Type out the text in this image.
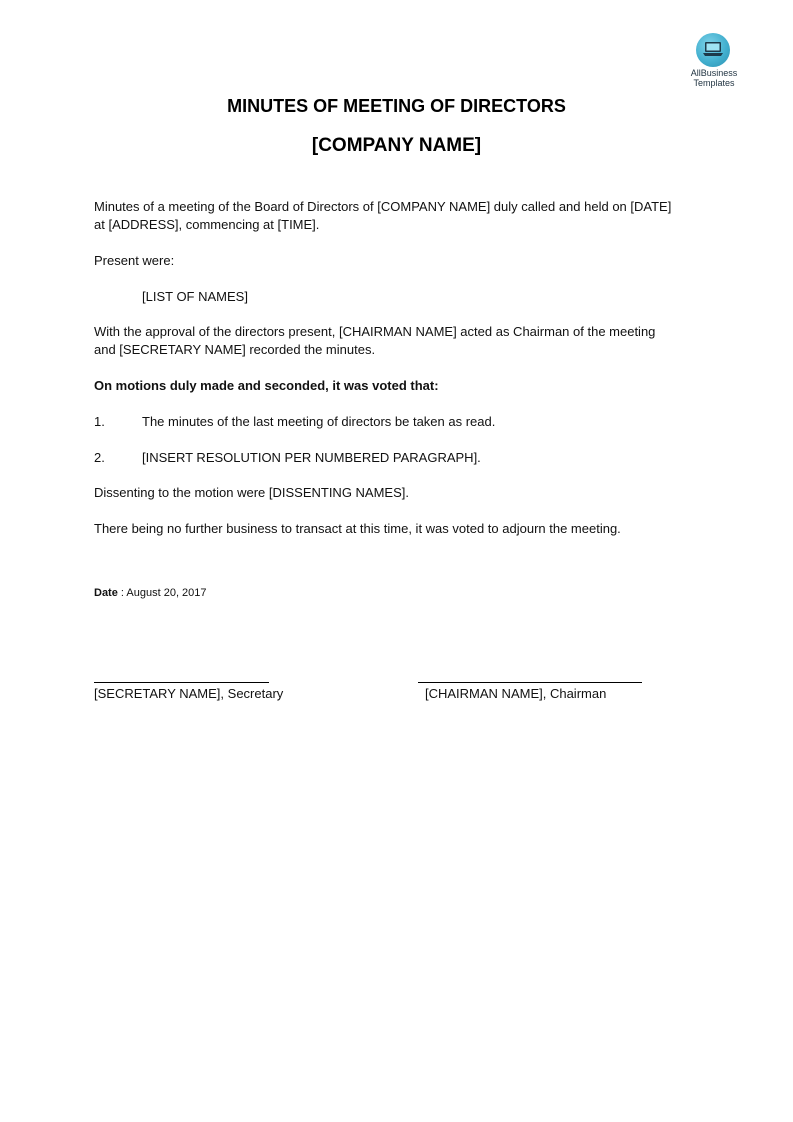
AllBusiness
Templates
MINUTES OF MEETING OF DIRECTORS
[COMPANY NAME]
Minutes of a meeting of the Board of Directors of [COMPANY NAME] duly called and held on [DATE]
at [ADDRESS], commencing at [TIME].
Present were:
[LIST OF NAMES]
With the approval of the directors present, [CHAIRMAN NAME] acted as Chairman of the meeting
and [SECRETARY NAME] recorded the minutes.
On motions duly made and seconded, it was voted that:
1.	The minutes of the last meeting of directors be taken as read.
2.	[INSERT RESOLUTION PER NUMBERED PARAGRAPH].
Dissenting to the motion were [DISSENTING NAMES].
There being no further business to transact at this time, it was voted to adjourn the meeting.
Date : August 20, 2017
[SECRETARY NAME], Secretary	[CHAIRMAN NAME], Chairman
